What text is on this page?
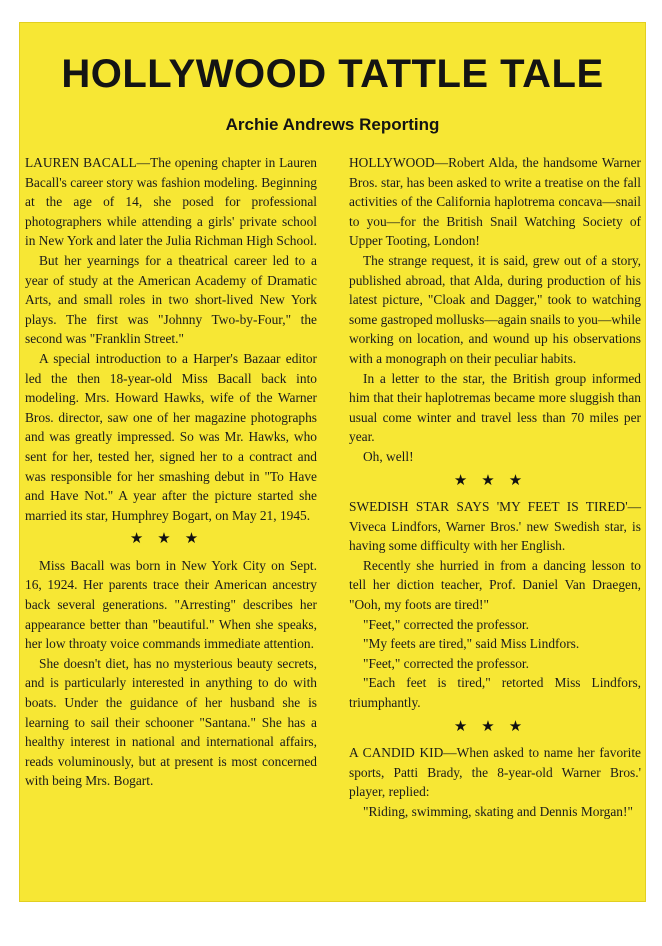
HOLLYWOOD TATTLE TALE
Archie Andrews Reporting

LAUREN BACALL—The opening chapter in Lauren Bacall's career story was fashion modeling. Beginning at the age of 14, she posed for professional photographers while attending a girls' private school in New York and later the Julia Richman High School.

But her yearnings for a theatrical career led to a year of study at the American Academy of Dramatic Arts, and small roles in two short-lived New York plays. The first was "Johnny Two-by-Four," the second was "Franklin Street."

A special introduction to a Harper's Bazaar editor led the then 18-year-old Miss Bacall back into modeling. Mrs. Howard Hawks, wife of the Warner Bros. director, saw one of her magazine photographs and was greatly impressed. So was Mr. Hawks, who sent for her, tested her, signed her to a contract and was responsible for her smashing debut in "To Have and Have Not." A year after the picture started she married its star, Humphrey Bogart, on May 21, 1945.

★★★

Miss Bacall was born in New York City on Sept. 16, 1924. Her parents trace their American ancestry back several generations. "Arresting" describes her appearance better than "beautiful." When she speaks, her low throaty voice commands immediate attention.

She doesn't diet, has no mysterious beauty secrets, and is particularly interested in anything to do with boats. Under the guidance of her husband she is learning to sail their schooner "Santana." She has a healthy interest in national and international affairs, reads voluminously, but at present is most concerned with being Mrs. Bogart.

HOLLYWOOD—Robert Alda, the handsome Warner Bros. star, has been asked to write a treatise on the fall activities of the California haplotrema concava—snail to you—for the British Snail Watching Society of Upper Tooting, London!

The strange request, it is said, grew out of a story, published abroad, that Alda, during production of his latest picture, "Cloak and Dagger," took to watching some gastroped mollusks—again snails to you—while working on location, and wound up his observations with a monograph on their peculiar habits.

In a letter to the star, the British group informed him that their haplotremas became more sluggish than usual come winter and travel less than 70 miles per year.

Oh, well!

★★★

SWEDISH STAR SAYS 'MY FEET IS TIRED'—Viveca Lindfors, Warner Bros.' new Swedish star, is having some difficulty with her English.

Recently she hurried in from a dancing lesson to tell her diction teacher, Prof. Daniel Van Draegen, "Ooh, my foots are tired!"

"Feet," corrected the professor.

"My feets are tired," said Miss Lindfors.

"Feet," corrected the professor.

"Each feet is tired," retorted Miss Lindfors, triumphantly.

★★★

A CANDID KID—When asked to name her favorite sports, Patti Brady, the 8-year-old Warner Bros.' player, replied:

"Riding, swimming, skating and Dennis Morgan!"
